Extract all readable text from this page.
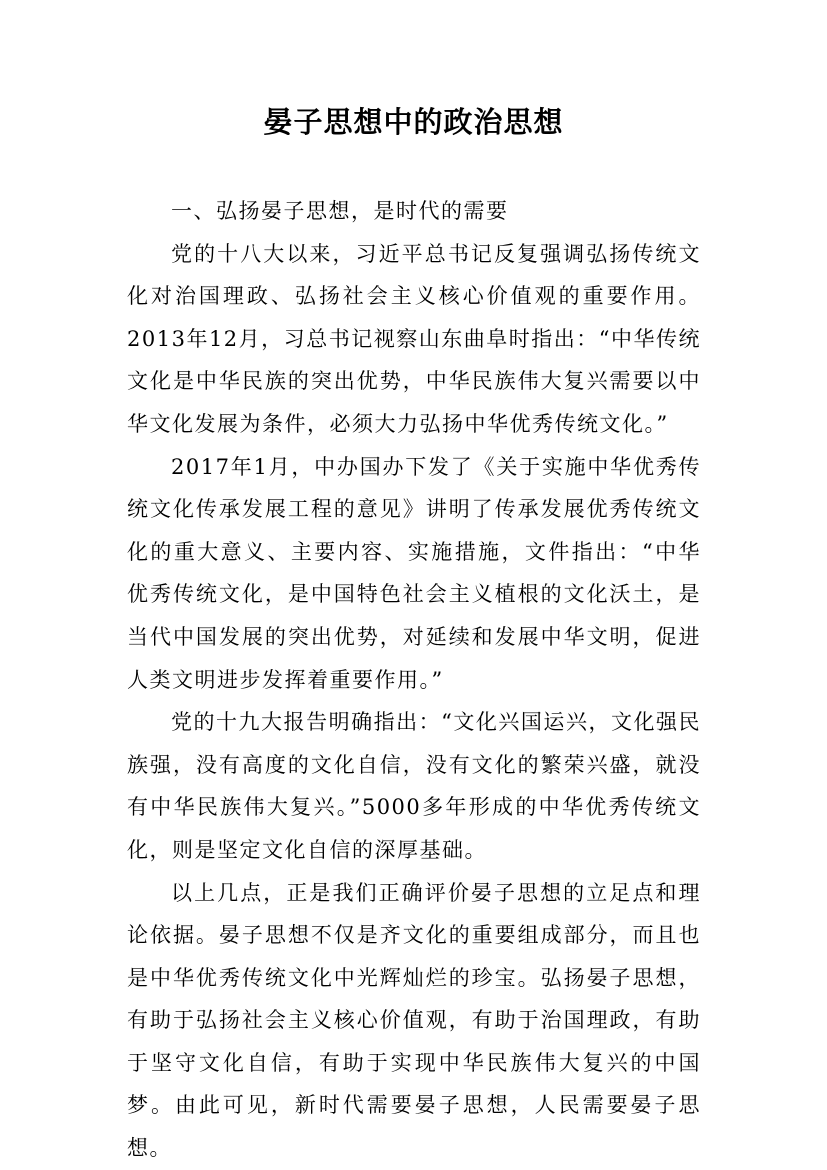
晏子思想中的政治思想

一、弘扬晏子思想，是时代的需要

党的十八大以来，习近平总书记反复强调弘扬传统文化对治国理政、弘扬社会主义核心价值观的重要作用。2013年12月，习总书记视察山东曲阜时指出：“中华传统文化是中华民族的突出优势，中华民族伟大复兴需要以中华文化发展为条件，必须大力弘扬中华优秀传统文化。”

2017年1月，中办国办下发了《关于实施中华优秀传统文化传承发展工程的意见》讲明了传承发展优秀传统文化的重大意义、主要内容、实施措施，文件指出：“中华优秀传统文化，是中国特色社会主义植根的文化沃土，是当代中国发展的突出优势，对延续和发展中华文明，促进人类文明进步发挥着重要作用。”

党的十九大报告明确指出：“文化兴国运兴，文化强民族强，没有高度的文化自信，没有文化的繁荣兴盛，就没有中华民族伟大复兴。”5000多年形成的中华优秀传统文化，则是坚定文化自信的深厚基础。

以上几点，正是我们正确评价晏子思想的立足点和理论依据。晏子思想不仅是齐文化的重要组成部分，而且也是中华优秀传统文化中光辉灿烂的珍宝。弘扬晏子思想，有助于弘扬社会主义核心价值观，有助于治国理政，有助于坚守文化自信，有助于实现中华民族伟大复兴的中国梦。由此可见，新时代需要晏子思想，人民需要晏子思想。
